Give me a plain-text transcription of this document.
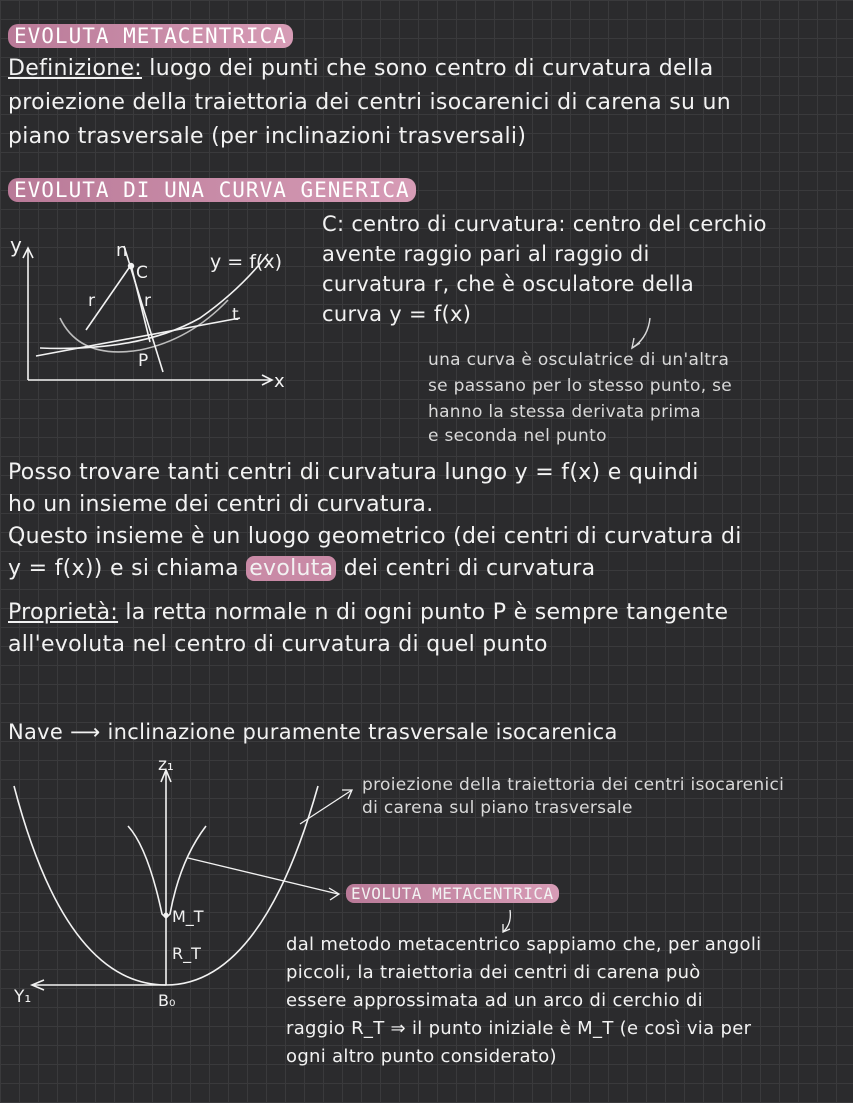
EVOLUTA METACENTRICA
Definizione: luogo dei punti che sono centro di curvatura della
proiezione della traiettoria dei centri isocarenici di carena su un
piano trasversale (per inclinazioni trasversali)
EVOLUTA DI UNA CURVA GENERICA
y
x
n
C
r	r
P
t
y = f(x)
z₁
Y₁
M_T
R_T
B₀
C: centro di curvatura: centro del cerchio
avente raggio pari al raggio di
curvatura r, che è osculatore della
curva y = f(x)
una curva è osculatrice di un'altra
se passano per lo stesso punto, se
hanno la stessa derivata prima
e seconda nel punto
Posso trovare tanti centri di curvatura lungo y = f(x) e quindi
ho un insieme dei centri di curvatura.
Questo insieme è un luogo geometrico (dei centri di curvatura di
y = f(x)) e si chiama evoluta dei centri di curvatura
Proprietà: la retta normale n di ogni punto P è sempre tangente
all'evoluta nel centro di curvatura di quel punto
Nave ⟶ inclinazione puramente trasversale isocarenica
proiezione della traiettoria dei centri isocarenici
di carena sul piano trasversale
EVOLUTA METACENTRICA
dal metodo metacentrico sappiamo che, per angoli
piccoli, la traiettoria dei centri di carena può
essere approssimata ad un arco di cerchio di
raggio R_T ⇒ il punto iniziale è M_T (e così via per
ogni altro punto considerato)
